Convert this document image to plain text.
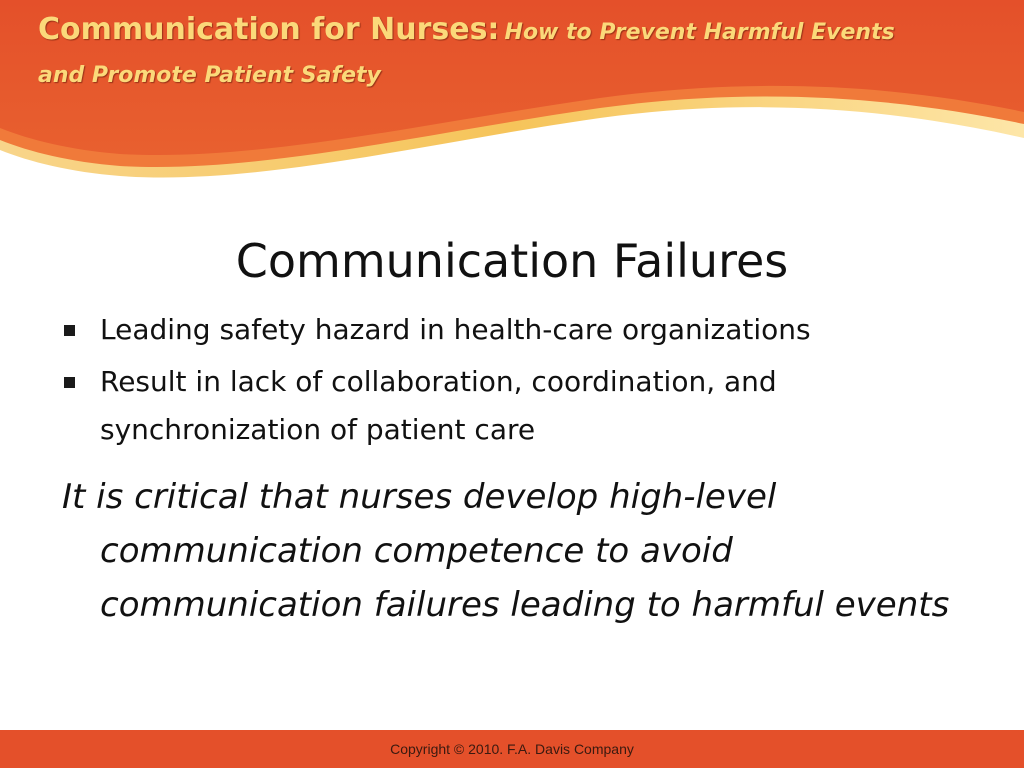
Communication for Nurses: How to Prevent Harmful Events
and Promote Patient Safety
Communication Failures
Leading safety hazard in health-care organizations
Result in lack of collaboration, coordination, and synchronization of patient care
It is critical that nurses develop high-level communication competence to avoid communication failures leading to harmful events
Copyright © 2010. F.A. Davis Company
